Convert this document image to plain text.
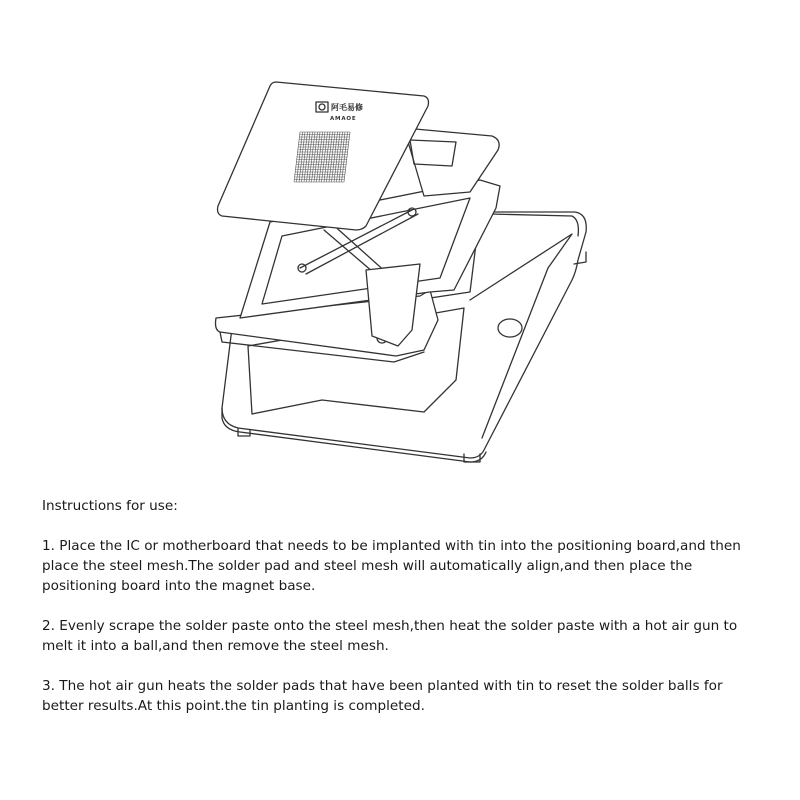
阿毛易修
AMAOE

Instructions for use:

1. Place the IC or motherboard that needs to be implanted with tin into the positioning board,and then place the steel mesh.The solder pad and steel mesh will automatically align,and then place the positioning board into the magnet base.

2. Evenly scrape the solder paste onto the steel mesh,then heat the solder paste with a hot air gun to melt it into a ball,and then remove the steel mesh.

3. The hot air gun heats the solder pads that have been planted with tin to reset the solder balls for better results.At this point.the tin planting is completed.
